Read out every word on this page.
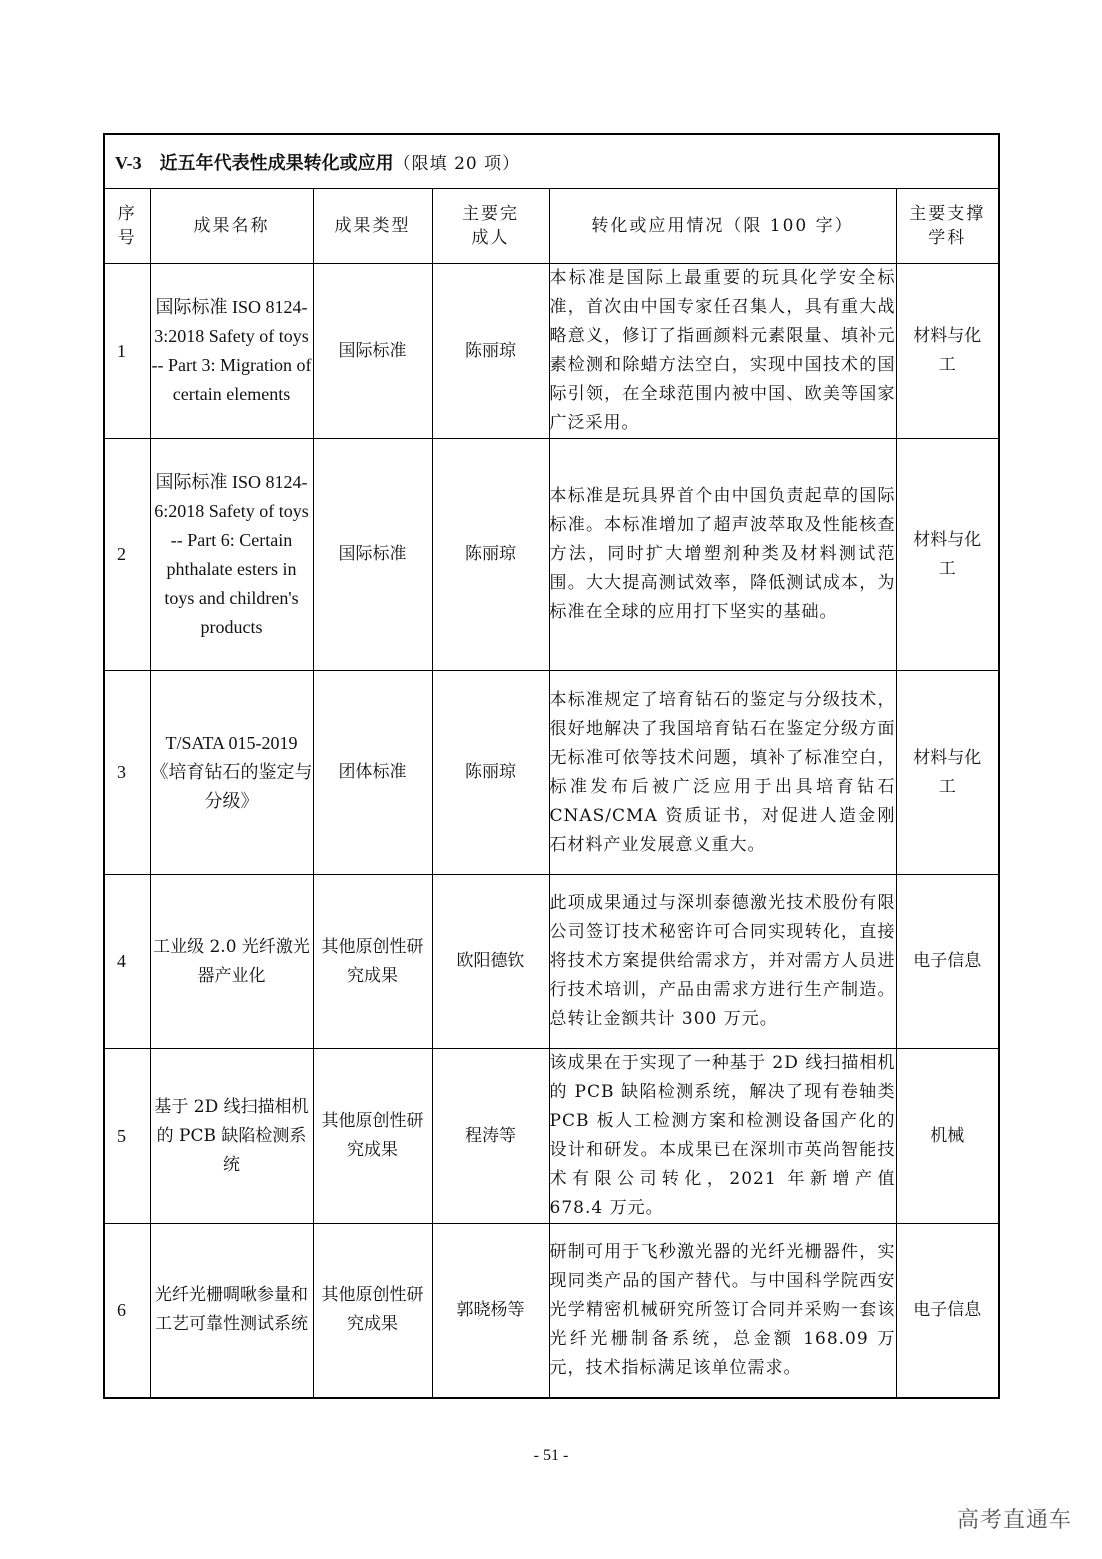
V-3 近五年代表性成果转化或应用（限填 20 项）					

序号	成果名称	成果类型	主要完成人	转化或应用情况（限 100 字）	主要支撑学科

1	国际标准 ISO 8124-3:2018 Safety of toys -- Part 3: Migration of certain elements	国际标准	陈丽琼	本标准是国际上最重要的玩具化学安全标准，首次由中国专家任召集人，具有重大战略意义，修订了指画颜料元素限量、填补元素检测和除蜡方法空白，实现中国技术的国际引领，在全球范围内被中国、欧美等国家广泛采用。	材料与化工

2	国际标准 ISO 8124-6:2018 Safety of toys -- Part 6: Certain phthalate esters in toys and children's products	国际标准	陈丽琼	本标准是玩具界首个由中国负责起草的国际标准。本标准增加了超声波萃取及性能核查方法，同时扩大增塑剂种类及材料测试范围。大大提高测试效率，降低测试成本，为标准在全球的应用打下坚实的基础。	材料与化工

3	T/SATA 015-2019《培育钻石的鉴定与分级》	团体标准	陈丽琼	本标准规定了培育钻石的鉴定与分级技术，很好地解决了我国培育钻石在鉴定分级方面无标准可依等技术问题，填补了标准空白，标准发布后被广泛应用于出具培育钻石 CNAS/CMA 资质证书，对促进人造金刚石材料产业发展意义重大。	材料与化工

4	工业级 2.0 光纤激光器产业化	其他原创性研究成果	欧阳德钦	此项成果通过与深圳泰德激光技术股份有限公司签订技术秘密许可合同实现转化，直接将技术方案提供给需求方，并对需方人员进行技术培训，产品由需求方进行生产制造。总转让金额共计 300 万元。	电子信息
5	基于 2D 线扫描相机的 PCB 缺陷检测系统	其他原创性研究成果	程涛等	该成果在于实现了一种基于 2D 线扫描相机的 PCB 缺陷检测系统，解决了现有卷轴类 PCB 板人工检测方案和检测设备国产化的设计和研发。本成果已在深圳市英尚智能技术有限公司转化，2021 年新增产值 678.4 万元。	机械
6	光纤光栅啁啾参量和工艺可靠性测试系统	其他原创性研究成果	郭晓杨等	研制可用于飞秒激光器的光纤光栅器件，实现同类产品的国产替代。与中国科学院西安光学精密机械研究所签订合同并采购一套该光纤光栅制备系统，总金额 168.09 万元，技术指标满足该单位需求。	电子信息
- 51 -
高考直通车
